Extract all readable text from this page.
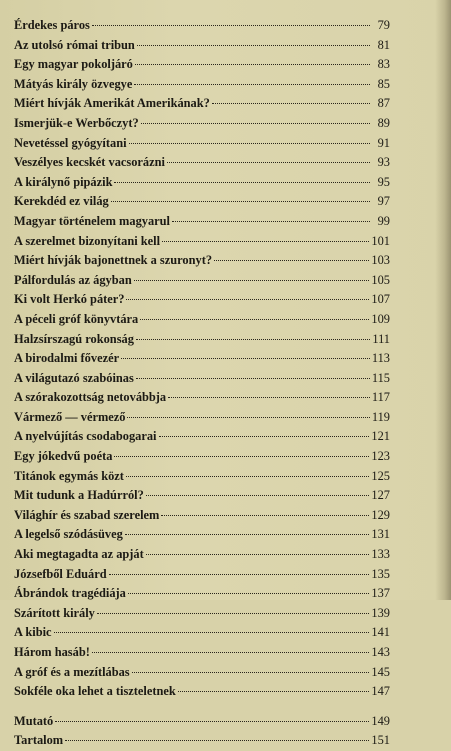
Érdekes páros	79
Az utolsó római tribun	81
Egy magyar pokoljáró	83
Mátyás király özvegye	85
Miért hívják Amerikát Amerikának?	87
Ismerjük-e Werbőczyt?	89
Nevetéssel gyógyítani	91
Veszélyes kecskét vacsorázni	93
A királynő pipázik	95
Kerekdéd ez világ	97
Magyar történelem magyarul	99
A szerelmet bizonyítani kell	101
Miért hívják bajonettnek a szuronyt?	103
Pálfordulás az ágyban	105
Ki volt Herkó páter?	107
A péceli gróf könyvtára	109
Halzsírszagú rokonság	111
A birodalmi fővezér	113
A világutazó szabóinas	115
A szórakozottság netovábbja	117
Vármező — vérmező	119
A nyelvújítás csodabogarai	121
Egy jókedvű poéta	123
Titánok egymás közt	125
Mit tudunk a Hadúrról?	127
Világhír és szabad szerelem	129
A legelső szódásüveg	131
Aki megtagadta az apját	133
Józsefből Eduárd	135
Ábrándok tragédiája	137
Szárított király	139
A kibic	141
Három hasáb!	143
A gróf és a mezítlábas	145
Sokféle oka lehet a tiszteletnek	147
Mutató	149
Tartalom	151
